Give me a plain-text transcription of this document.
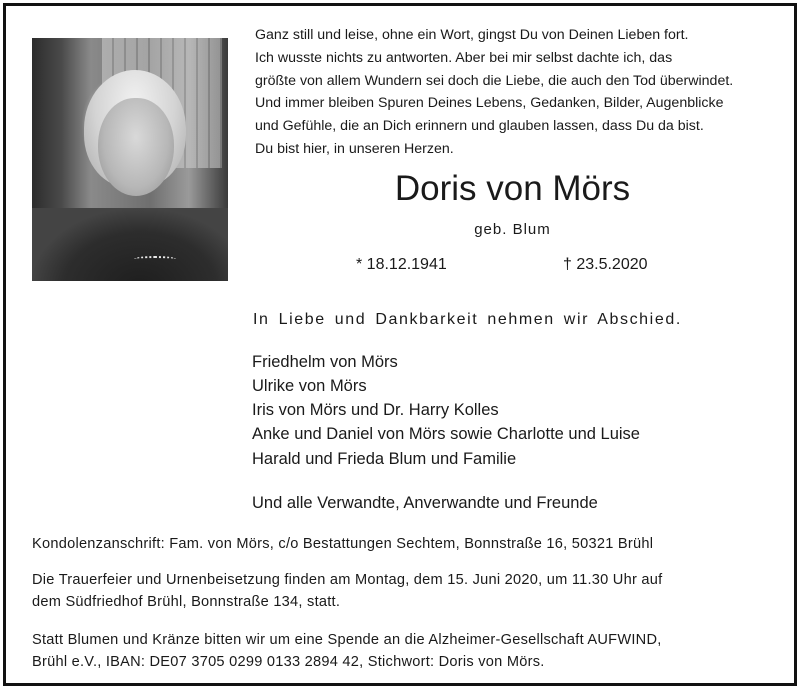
Ganz still und leise, ohne ein Wort, gingst Du von Deinen Lieben fort.
Ich wusste nichts zu antworten. Aber bei mir selbst dachte ich, das
größte von allem Wundern sei doch die Liebe, die auch den Tod überwindet.
Und immer bleiben Spuren Deines Lebens, Gedanken, Bilder, Augenblicke
und Gefühle, die an Dich erinnern und glauben lassen, dass Du da bist.
Du bist hier, in unseren Herzen.
Doris von Mörs
geb. Blum
* 18.12.1941	† 23.5.2020
In Liebe und Dankbarkeit nehmen wir Abschied.
Friedhelm von Mörs
Ulrike von Mörs
Iris von Mörs und Dr. Harry Kolles
Anke und Daniel von Mörs sowie Charlotte und Luise
Harald und Frieda Blum und Familie
Und alle Verwandte, Anverwandte und Freunde
Kondolenzanschrift: Fam. von Mörs, c/o Bestattungen Sechtem, Bonnstraße 16, 50321 Brühl
Die Trauerfeier und Urnenbeisetzung finden am Montag, dem 15. Juni 2020, um 11.30 Uhr auf
dem Südfriedhof Brühl, Bonnstraße 134, statt.
Statt Blumen und Kränze bitten wir um eine Spende an die Alzheimer-Gesellschaft AUFWIND,
Brühl e.V., IBAN: DE07 3705 0299 0133 2894 42, Stichwort: Doris von Mörs.
